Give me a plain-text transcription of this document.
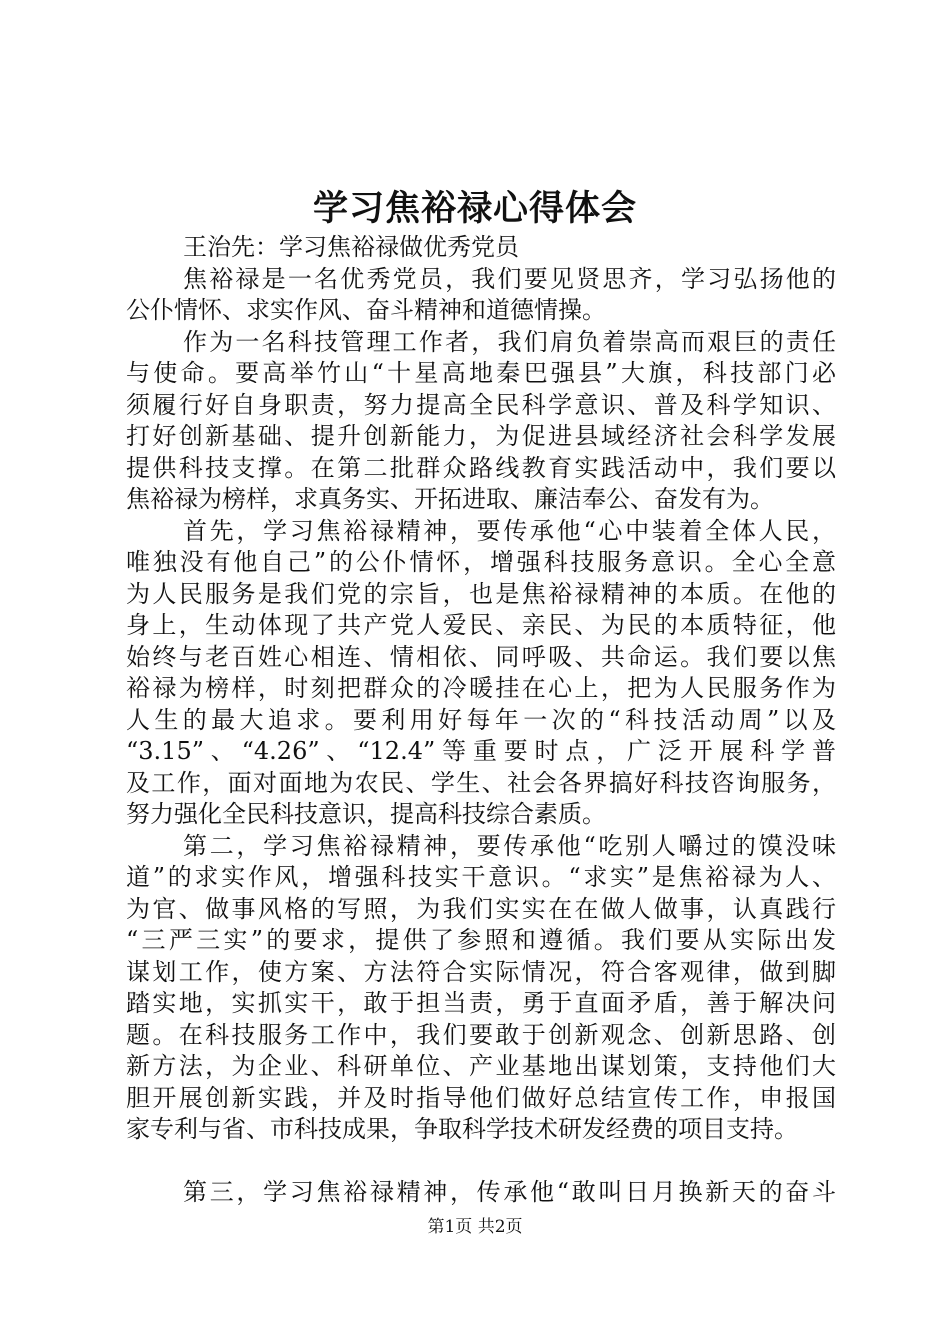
学习焦裕禄心得体会
王治先：学习焦裕禄做优秀党员
焦裕禄是一名优秀党员，我们要见贤思齐，学习弘扬他的
公仆情怀、求实作风、奋斗精神和道德情操。
作为一名科技管理工作者，我们肩负着崇高而艰巨的责任
与使命。要高举竹山“十星高地秦巴强县”大旗，科技部门必
须履行好自身职责，努力提高全民科学意识、普及科学知识、
打好创新基础、提升创新能力，为促进县域经济社会科学发展
提供科技支撑。在第二批群众路线教育实践活动中，我们要以
焦裕禄为榜样，求真务实、开拓进取、廉洁奉公、奋发有为。
首先，学习焦裕禄精神，要传承他“心中装着全体人民，
唯独没有他自己”的公仆情怀，增强科技服务意识。全心全意
为人民服务是我们党的宗旨，也是焦裕禄精神的本质。在他的
身上，生动体现了共产党人爱民、亲民、为民的本质特征，他
始终与老百姓心相连、情相依、同呼吸、共命运。我们要以焦
裕禄为榜样，时刻把群众的冷暖挂在心上，把为人民服务作为
人生的最大追求。要利用好每年一次的“科技活动周”以及
“3.15”、“4.26”、“12.4”等重要时点，广泛开展科学普
及工作，面对面地为农民、学生、社会各界搞好科技咨询服务，
努力强化全民科技意识，提高科技综合素质。
第二，学习焦裕禄精神，要传承他“吃别人嚼过的馍没味
道”的求实作风，增强科技实干意识。“求实”是焦裕禄为人、
为官、做事风格的写照，为我们实实在在做人做事，认真践行
“三严三实”的要求，提供了参照和遵循。我们要从实际出发
谋划工作，使方案、方法符合实际情况，符合客观律，做到脚
踏实地，实抓实干，敢于担当责，勇于直面矛盾，善于解决问
题。在科技服务工作中，我们要敢于创新观念、创新思路、创
新方法，为企业、科研单位、产业基地出谋划策，支持他们大
胆开展创新实践，并及时指导他们做好总结宣传工作，申报国
家专利与省、市科技成果，争取科学技术研发经费的项目支持。
第三，学习焦裕禄精神，传承他“敢叫日月换新天的奋斗
第1页 共2页
